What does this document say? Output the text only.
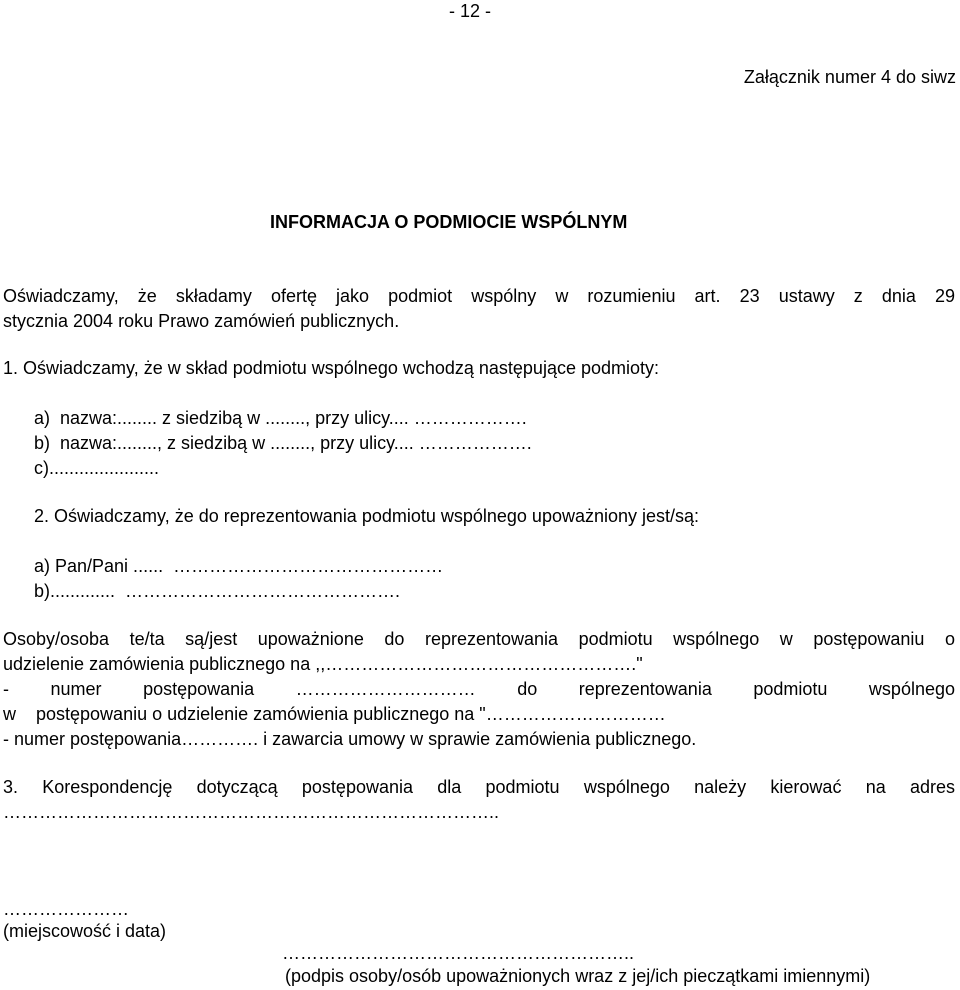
- 12 -
Załącznik numer 4 do siwz
INFORMACJA O PODMIOCIE WSPÓLNYM
Oświadczamy, że składamy ofertę jako podmiot wspólny w rozumieniu art. 23 ustawy z dnia 29
stycznia 2004 roku Prawo zamówień publicznych.
1. Oświadczamy, że w skład podmiotu wspólnego wchodzą następujące podmioty:
a)  nazwa:........ z siedzibą w ........, przy ulicy.... ……………….
b)  nazwa:........, z siedzibą w ........, przy ulicy.... ……………….
c)......................
2. Oświadczamy, że do reprezentowania podmiotu wspólnego upoważniony jest/są:
a) Pan/Pani ......  ………………………………………
b).............  ……………………………………….
Osoby/osoba te/ta są/jest upoważnione do reprezentowania podmiotu wspólnego w postępowaniu o
udzielenie zamówienia publicznego na ,,……………………………………………."
- numer postępowania ………………………… do reprezentowania podmiotu wspólnego
w    postępowaniu o udzielenie zamówienia publicznego na "…………………………
- numer postępowania…………. i zawarcia umowy w sprawie zamówienia publicznego.
3. Korespondencję dotyczącą postępowania dla podmiotu wspólnego należy kierować na adres
………………………………………………………………………..
…………………
(miejscowość i data)
…………………………………………………..
(podpis osoby/osób upoważnionych wraz z jej/ich pieczątkami imiennymi)
